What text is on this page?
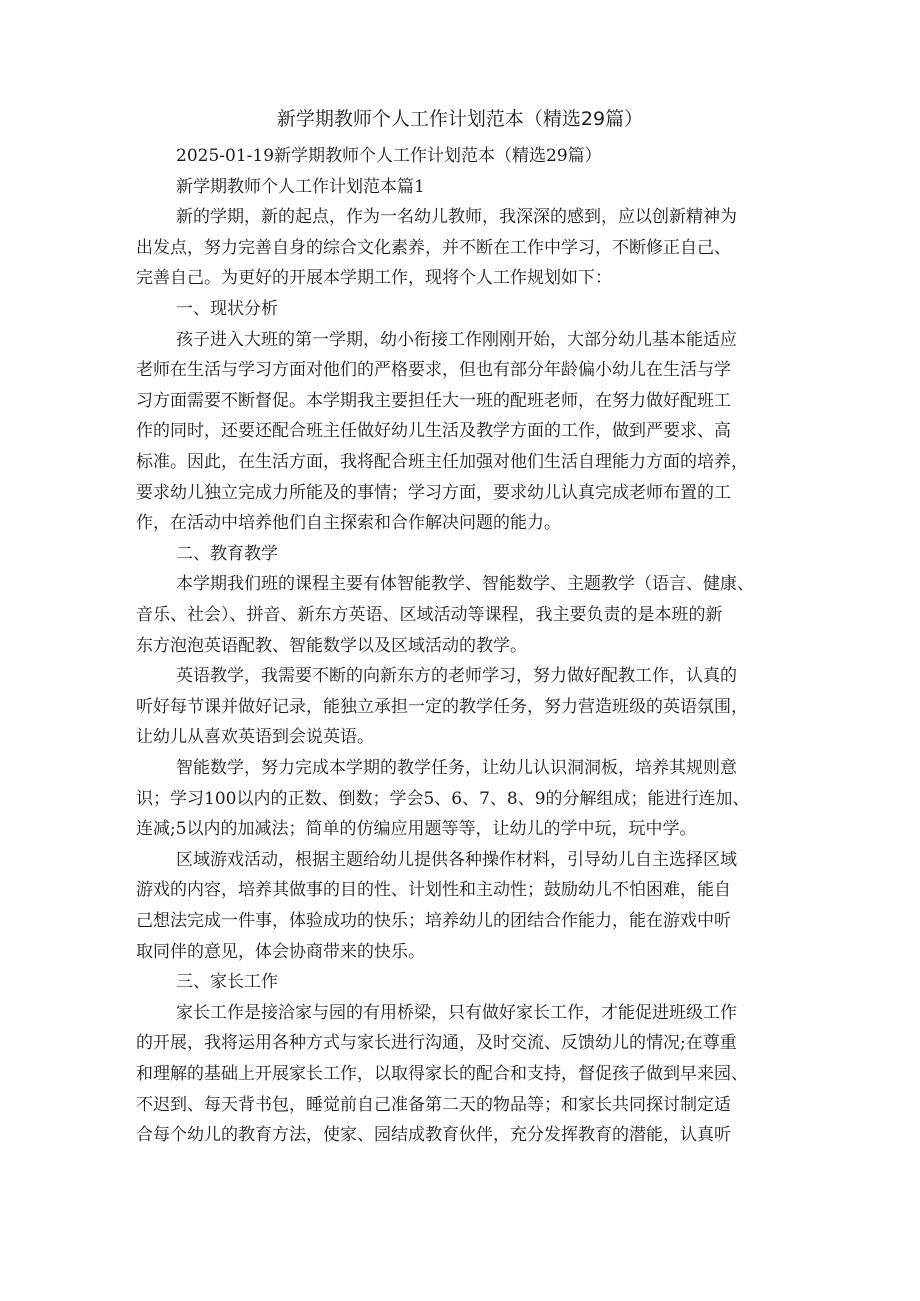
新学期教师个人工作计划范本（精选29篇）
2025-01-19新学期教师个人工作计划范本（精选29篇）
新学期教师个人工作计划范本篇1
新的学期，新的起点，作为一名幼儿教师，我深深的感到，应以创新精神为
出发点，努力完善自身的综合文化素养，并不断在工作中学习，不断修正自己、
完善自己。为更好的开展本学期工作，现将个人工作规划如下：
一、现状分析
孩子进入大班的第一学期，幼小衔接工作刚刚开始，大部分幼儿基本能适应
老师在生活与学习方面对他们的严格要求，但也有部分年龄偏小幼儿在生活与学
习方面需要不断督促。本学期我主要担任大一班的配班老师，在努力做好配班工
作的同时，还要还配合班主任做好幼儿生活及教学方面的工作，做到严要求、高
标准。因此，在生活方面，我将配合班主任加强对他们生活自理能力方面的培养，
要求幼儿独立完成力所能及的事情；学习方面，要求幼儿认真完成老师布置的工
作，在活动中培养他们自主探索和合作解决问题的能力。
二、教育教学
本学期我们班的课程主要有体智能教学、智能数学、主题教学（语言、健康、
音乐、社会）、拼音、新东方英语、区域活动等课程，我主要负责的是本班的新
东方泡泡英语配教、智能数学以及区域活动的教学。
英语教学，我需要不断的向新东方的老师学习，努力做好配教工作，认真的
听好每节课并做好记录，能独立承担一定的教学任务，努力营造班级的英语氛围，
让幼儿从喜欢英语到会说英语。
智能数学，努力完成本学期的教学任务，让幼儿认识洞洞板，培养其规则意
识；学习100以内的正数、倒数；学会5、6、7、8、9的分解组成；能进行连加、
连减;5以内的加减法；简单的仿编应用题等等，让幼儿的学中玩，玩中学。
区域游戏活动，根据主题给幼儿提供各种操作材料，引导幼儿自主选择区域
游戏的内容，培养其做事的目的性、计划性和主动性；鼓励幼儿不怕困难，能自
己想法完成一件事，体验成功的快乐；培养幼儿的团结合作能力，能在游戏中听
取同伴的意见，体会协商带来的快乐。
三、家长工作
家长工作是接洽家与园的有用桥梁，只有做好家长工作，才能促进班级工作
的开展，我将运用各种方式与家长进行沟通，及时交流、反馈幼儿的情况;在尊重
和理解的基础上开展家长工作，以取得家长的配合和支持，督促孩子做到早来园、
不迟到、每天背书包，睡觉前自己准备第二天的物品等；和家长共同探讨制定适
合每个幼儿的教育方法，使家、园结成教育伙伴，充分发挥教育的潜能，认真听
